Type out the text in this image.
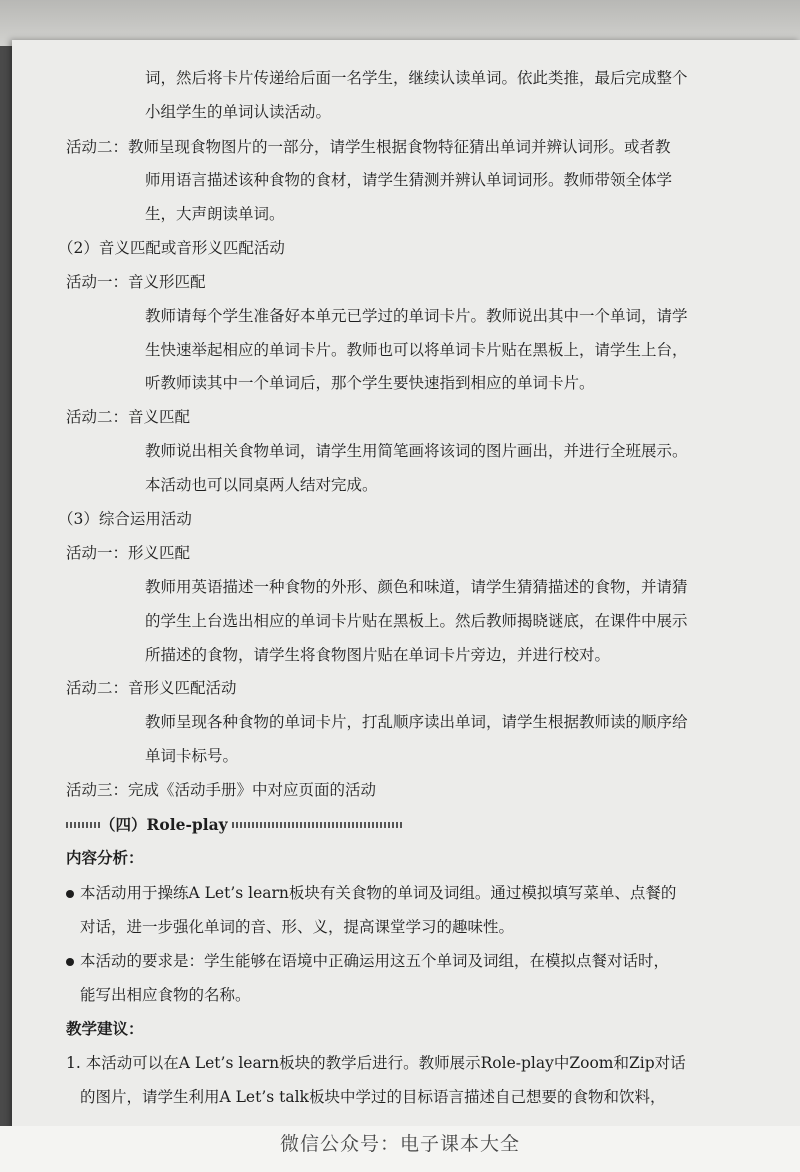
词，然后将卡片传递给后面一名学生，继续认读单词。依此类推，最后完成整个
小组学生的单词认读活动。
活动二：教师呈现食物图片的一部分，请学生根据食物特征猜出单词并辨认词形。或者教
师用语言描述该种食物的食材，请学生猜测并辨认单词词形。教师带领全体学
生，大声朗读单词。
（2）音义匹配或音形义匹配活动
活动一：音义形匹配
教师请每个学生准备好本单元已学过的单词卡片。教师说出其中一个单词，请学
生快速举起相应的单词卡片。教师也可以将单词卡片贴在黑板上，请学生上台，
听教师读其中一个单词后，那个学生要快速指到相应的单词卡片。
活动二：音义匹配
教师说出相关食物单词，请学生用简笔画将该词的图片画出，并进行全班展示。
本活动也可以同桌两人结对完成。
（3）综合运用活动
活动一：形义匹配
教师用英语描述一种食物的外形、颜色和味道，请学生猜猜描述的食物，并请猜
的学生上台选出相应的单词卡片贴在黑板上。然后教师揭晓谜底，在课件中展示
所描述的食物，请学生将食物图片贴在单词卡片旁边，并进行校对。
活动二：音形义匹配活动
教师呈现各种食物的单词卡片，打乱顺序读出单词，请学生根据教师读的顺序给
单词卡标号。
活动三：完成《活动手册》中对应页面的活动
（四）Role-play
内容分析：
本活动用于操练A Let’s learn板块有关食物的单词及词组。通过模拟填写菜单、点餐的
对话，进一步强化单词的音、形、义，提高课堂学习的趣味性。
本活动的要求是：学生能够在语境中正确运用这五个单词及词组，在模拟点餐对话时，
能写出相应食物的名称。
教学建议：
1. 本活动可以在A Let’s learn板块的教学后进行。教师展示Role-play中Zoom和Zip对话
的图片，请学生利用A Let’s talk板块中学过的目标语言描述自己想要的食物和饮料，
微信公众号：电子课本大全
